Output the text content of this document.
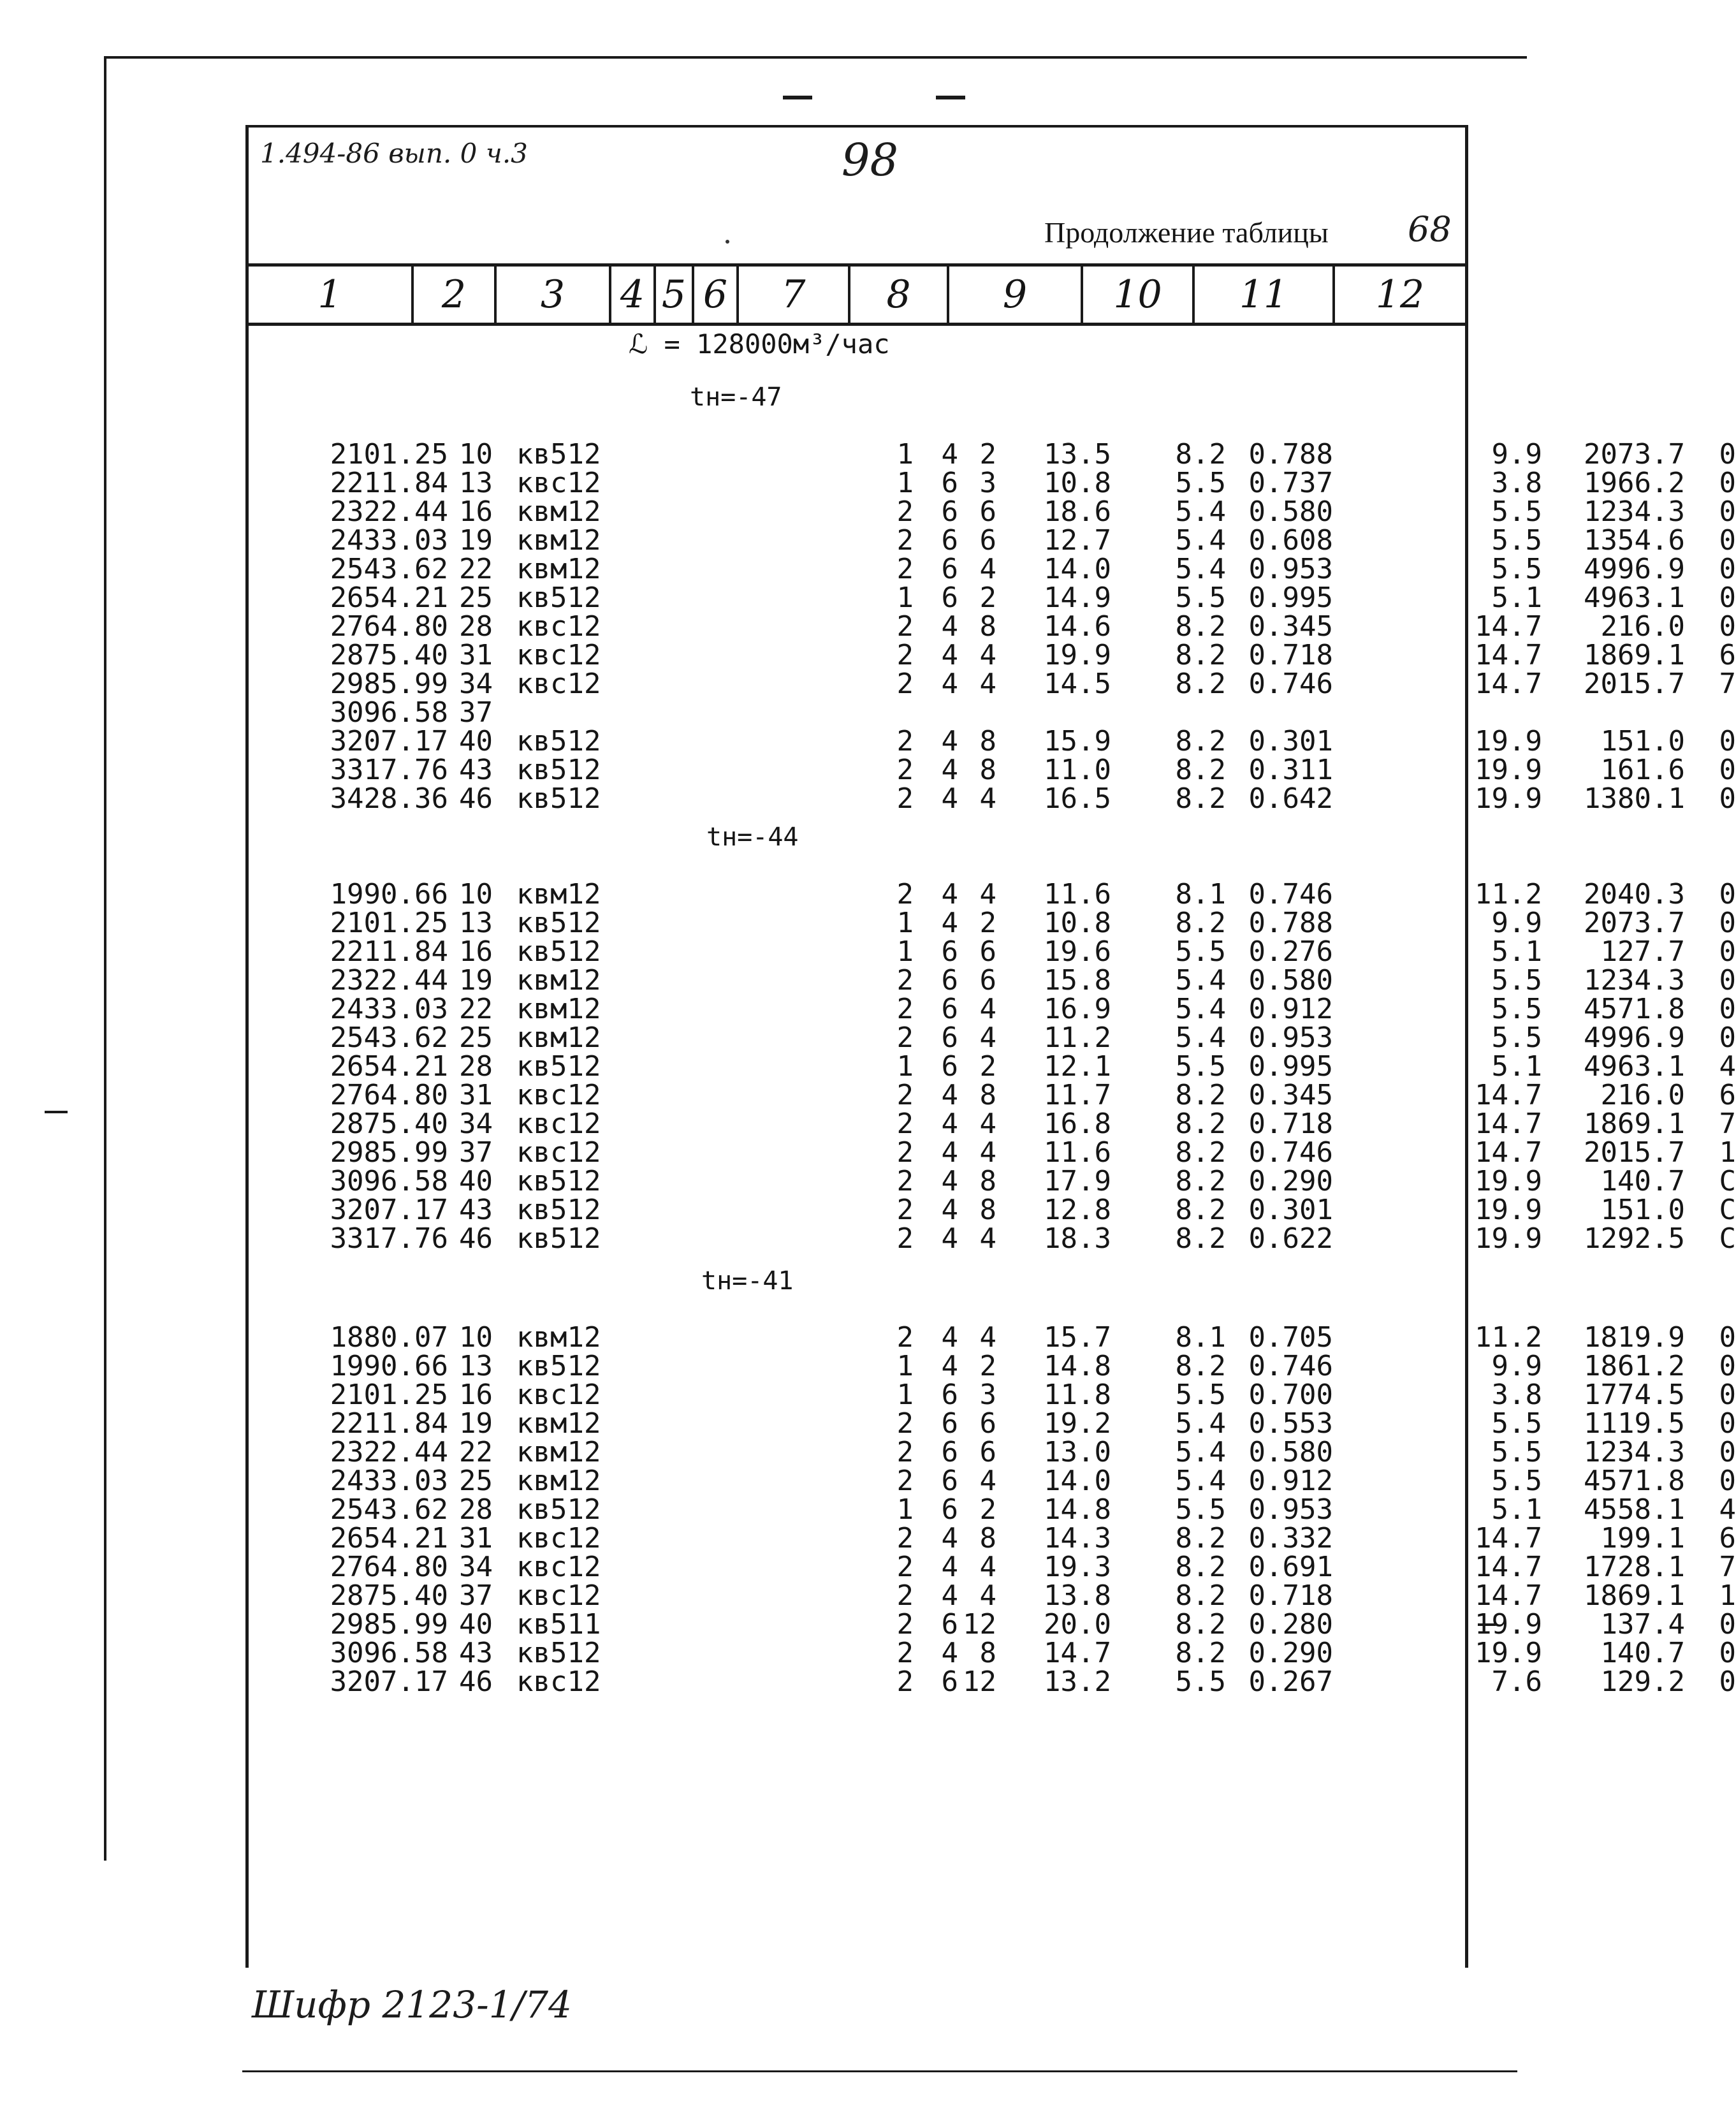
1.494-86 вып. 0 ч.3	98
Продолжение таблицы 68
1	2	3	4 5 6	7	8	9	10	11	12
ℒ = 128000м³/час
tн=-47
tн=-44
tн=-41
2101.25 10 кв512	1 4 2 13.5 8.2 0.788	9.9 2073.7 0
2211.84 13 квс12	1 6 3 10.8 5.5 0.737	3.8 1966.2 0
2322.44 16 квм12	2 6 6 18.6 5.4 0.580	5.5 1234.3 0
2433.03 19 квм12	2 6 6 12.7 5.4 0.608	5.5 1354.6 0
2543.62 22 квм12	2 6 4 14.0 5.4 0.953	5.5 4996.9 0
2654.21 25 кв512	1 6 2 14.9 5.5 0.995	5.1 4963.1 0
2764.80 28 квс12	2 4 8 14.6 8.2 0.345	14.7 216.0 0
2875.40 31 квс12	2 4 4 19.9 8.2 0.718	14.7 1869.1 6
2985.99 34 квс12	2 4 4 14.5 8.2 0.746	14.7 2015.7 7
3096.58 37
3207.17 40 кв512	2 4 8 15.9 8.2 0.301	19.9 151.0 0
3317.76 43 кв512	2 4 8 11.0 8.2 0.311	19.9 161.6 0
3428.36 46 кв512	2 4 4 16.5 8.2 0.642	19.9 1380.1 0
1990.66 10 квм12	2 4 4 11.6 8.1 0.746	11.2 2040.3 0
2101.25 13 кв512	1 4 2 10.8 8.2 0.788	9.9 2073.7 0
2211.84 16 кв512	1 6 6 19.6 5.5 0.276	5.1 127.7 0
2322.44 19 квм12	2 6 6 15.8 5.4 0.580	5.5 1234.3 0
2433.03 22 квм12	2 6 4 16.9 5.4 0.912	5.5 4571.8 0
2543.62 25 квм12	2 6 4 11.2 5.4 0.953	5.5 4996.9 0
2654.21 28 кв512	1 6 2 12.1 5.5 0.995	5.1 4963.1 4
2764.80 31 квс12	2 4 8 11.7 8.2 0.345	14.7 216.0 6
2875.40 34 квс12	2 4 4 16.8 8.2 0.718	14.7 1869.1 7
2985.99 37 квс12	2 4 4 11.6 8.2 0.746	14.7 2015.7 1
3096.58 40 кв512	2 4 8 17.9 8.2 0.290	19.9 140.7 C
3207.17 43 кв512	2 4 8 12.8 8.2 0.301	19.9 151.0 C
3317.76 46 кв512	2 4 4 18.3 8.2 0.622	19.9 1292.5 C
1880.07 10 квм12	2 4 4 15.7 8.1 0.705	11.2 1819.9 0
1990.66 13 кв512	1 4 2 14.8 8.2 0.746	9.9 1861.2 0
2101.25 16 квс12	1 6 3 11.8 5.5 0.700	3.8 1774.5 0
2211.84 19 квм12	2 6 6 19.2 5.4 0.553	5.5 1119.5 0
2322.44 22 квм12	2 6 6 13.0 5.4 0.580	5.5 1234.3 0
2433.03 25 квм12	2 6 4 14.0 5.4 0.912	5.5 4571.8 0
2543.62 28 кв512	1 6 2 14.8 5.5 0.953	5.1 4558.1 4
2654.21 31 квс12	2 4 8 14.3 8.2 0.332	14.7 199.1 6
2764.80 34 квс12	2 4 4 19.3 8.2 0.691	14.7 1728.1 7
2875.40 37 квс12	2 4 4 13.8 8.2 0.718	14.7 1869.1 1
2985.99 40 кв511	2 6 12 20.0 8.2 0.280	19.9 137.4 0
3096.58 43 кв512	2 4 8 14.7 8.2 0.290	19.9 140.7 0
3207.17 46 квс12	2 6 12 13.2 5.5 0.267	7.6 129.2 0
Шифр 2123-1/74
